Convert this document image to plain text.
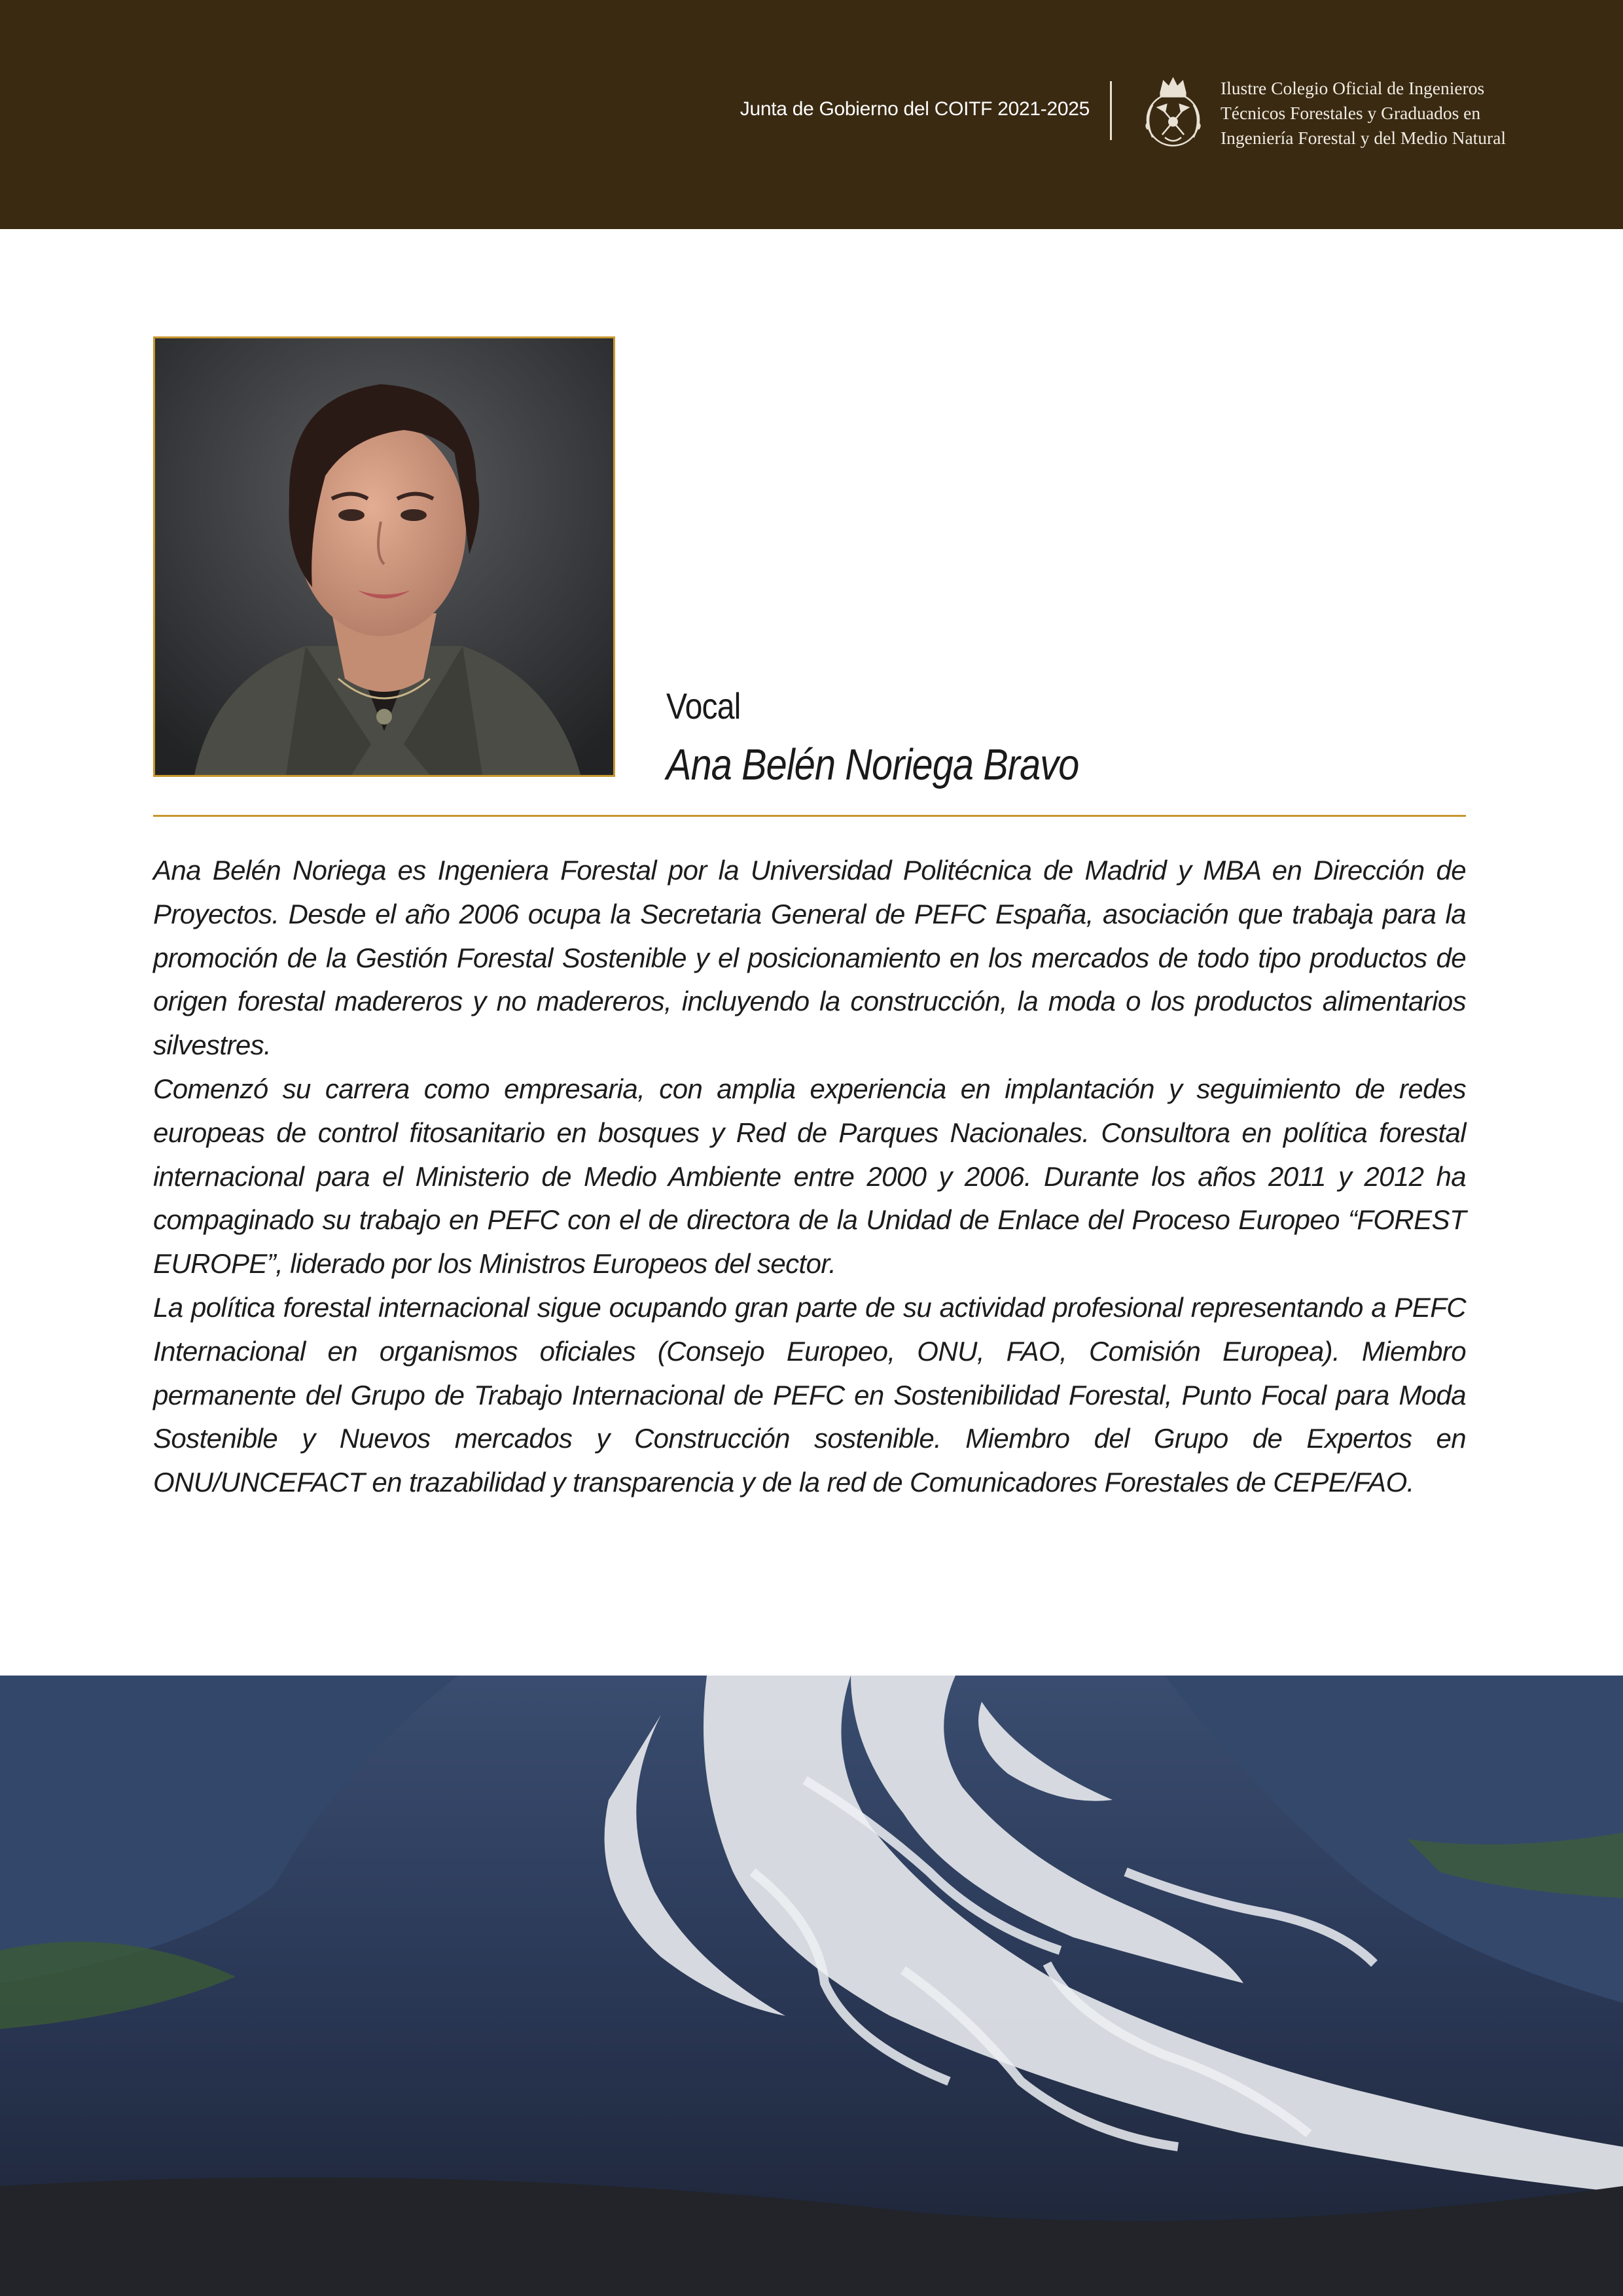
Junta de Gobierno del COITF 2021-2025
Ilustre Colegio Oficial de Ingenieros
Técnicos Forestales y Graduados en
Ingeniería Forestal y del Medio Natural
Vocal
Ana Belén Noriega Bravo

Ana Belén Noriega es Ingeniera Forestal por la Universidad Politécnica de Madrid y MBA en Dirección de Proyectos. Desde el año 2006 ocupa la Secretaria General de PEFC España, asociación que trabaja para la promoción de la Gestión Forestal Sostenible y el posicionamiento en los mercados de todo tipo productos de origen forestal madereros y no madereros, incluyendo la construcción, la moda o los productos alimentarios silvestres.

Comenzó su carrera como empresaria, con amplia experiencia en implantación y seguimiento de redes europeas de control fitosanitario en bosques y Red de Parques Nacionales. Consultora en política forestal internacional para el Ministerio de Medio Ambiente entre 2000 y 2006. Durante los años 2011 y 2012 ha compaginado su trabajo en PEFC con el de directora de la Unidad de Enlace del Proceso Europeo “FOREST EUROPE”, liderado por los Ministros Europeos del sector.

La política forestal internacional sigue ocupando gran parte de su actividad profesional representando a PEFC Internacional en organismos oficiales (Consejo Europeo, ONU, FAO, Comisión Europea). Miembro permanente del Grupo de Trabajo Internacional de PEFC en Sostenibilidad Forestal, Punto Focal para Moda Sostenible y Nuevos mercados y Construcción sostenible. Miembro del Grupo de Expertos en ONU/UNCEFACT en trazabilidad y transparencia y de la red de Comunicadores Forestales de CEPE/FAO.
